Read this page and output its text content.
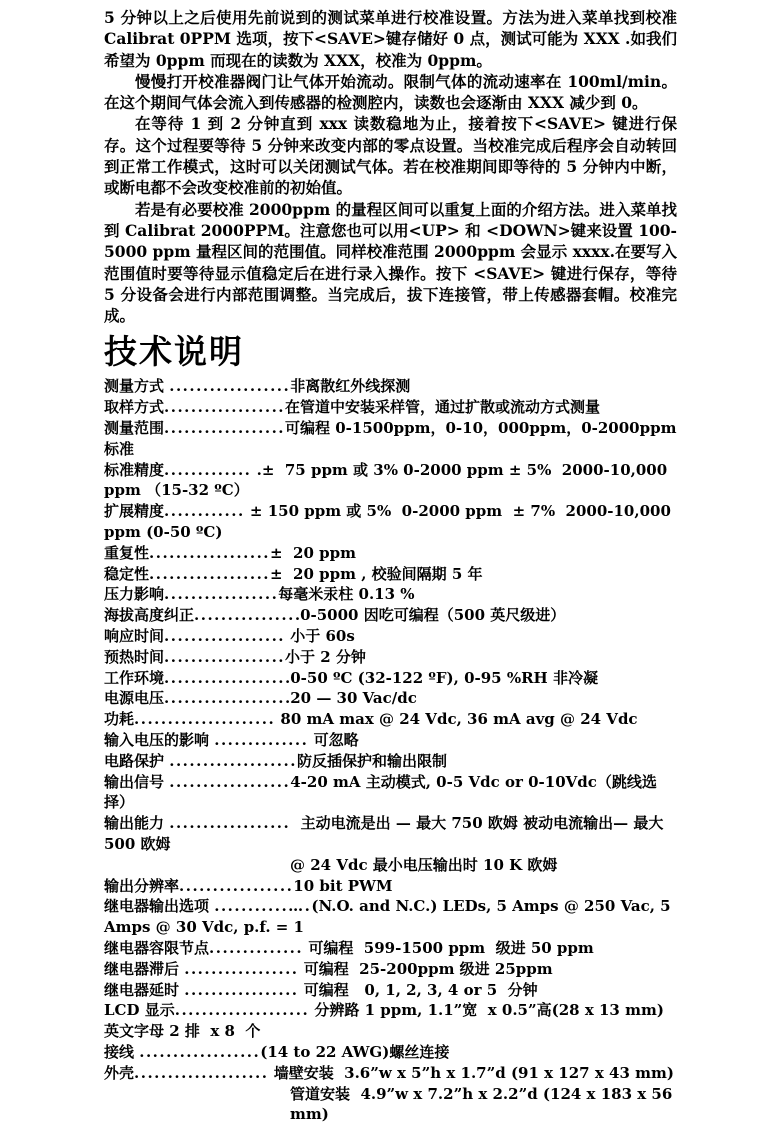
5 分钟以上之后使用先前说到的测试菜单进行校准设置。方法为进入菜单找到校准 Calibrat 0PPM 选项，按下<SAVE>键存储好 0 点，测试可能为 XXX .如我们希望为 0ppm 而现在的读数为 XXX，校准为 0ppm。

慢慢打开校准器阀门让气体开始流动。限制气体的流动速率在 100ml/min。在这个期间气体会流入到传感器的检测腔内，读数也会逐渐由 XXX 减少到 0。

在等待 1 到 2 分钟直到 xxx 读数稳地为止，接着按下<SAVE> 键进行保存。这个过程要等待 5 分钟来改变内部的零点设置。当校准完成后程序会自动转回到正常工作模式，这时可以关闭测试气体。若在校准期间即等待的 5 分钟内中断，或断电都不会改变校准前的初始值。

若是有必要校准 2000ppm 的量程区间可以重复上面的介绍方法。进入菜单找到 Calibrat 2000PPM。注意您也可以用<UP> 和 <DOWN>键来设置 100-5000 ppm 量程区间的范围值。同样校准范围 2000ppm 会显示 xxxx.在要写入范围值时要等待显示值稳定后在进行录入操作。按下 <SAVE> 键进行保存，等待 5 分设备会进行内部范围调整。当完成后，拔下连接管，带上传感器套帽。校准完成。

技术说明
测量方式 ..................非离散红外线探测
取样方式..................在管道中安装采样管，通过扩散或流动方式测量
测量范围..................可编程 0-1500ppm，0-10，000ppm，0-2000ppm 标准
标准精度............. .±  75 ppm 或 3% 0-2000 ppm ± 5%  2000-10,000 ppm （15-32 ºC）
扩展精度............ ± 150 ppm 或 5%  0-2000 ppm  ± 7%  2000-10,000 ppm (0-50 ºC)
重复性..................±  20 ppm
稳定性..................±  20 ppm , 校验间隔期 5 年
压力影响.................每毫米汞柱 0.13 %
海拔高度纠正................0-5000 因吃可编程（500 英尺级进）
响应时间.................. 小于 60s
预热时间..................小于 2 分钟
工作环境...................0-50 ºC (32-122 ºF), 0-95 %RH 非冷凝
电源电压...................20 — 30 Vac/dc
功耗..................... 80 mA max @ 24 Vdc, 36 mA avg @ 24 Vdc
输入电压的影响 .............. 可忽略
电路保护 ...................防反插保护和输出限制
输出信号 ..................4-20 mA 主动模式, 0-5 Vdc or 0-10Vdc（跳线选择）
输出能力 ..................  主动电流是出 — 最大 750 欧姆 被动电流输出— 最大 500 欧姆
@ 24 Vdc 最小电压输出时 10 K 欧姆
输出分辨率.................10 bit PWM
继电器输出选项 ...........….(N.O. and N.C.) LEDs, 5 Amps @ 250 Vac, 5 Amps @ 30 Vdc, p.f. = 1
继电器容限节点.............. 可编程  599-1500 ppm  级进 50 ppm
继电器滞后 ................. 可编程  25-200ppm 级进 25ppm
继电器延时 ................. 可编程   0, 1, 2, 3, 4 or 5  分钟
LCD 显示.................... 分辨路 1 ppm, 1.1”宽  x 0.5”高(28 x 13 mm)  英文字母 2 排  x 8  个
接线 ..................(14 to 22 AWG)螺丝连接
外壳.................... 墙壁安装  3.6”w x 5”h x 1.7”d (91 x 127 x 43 mm)
管道安装  4.9”w x 7.2”h x 2.2”d (124 x 183 x 56 mm)
